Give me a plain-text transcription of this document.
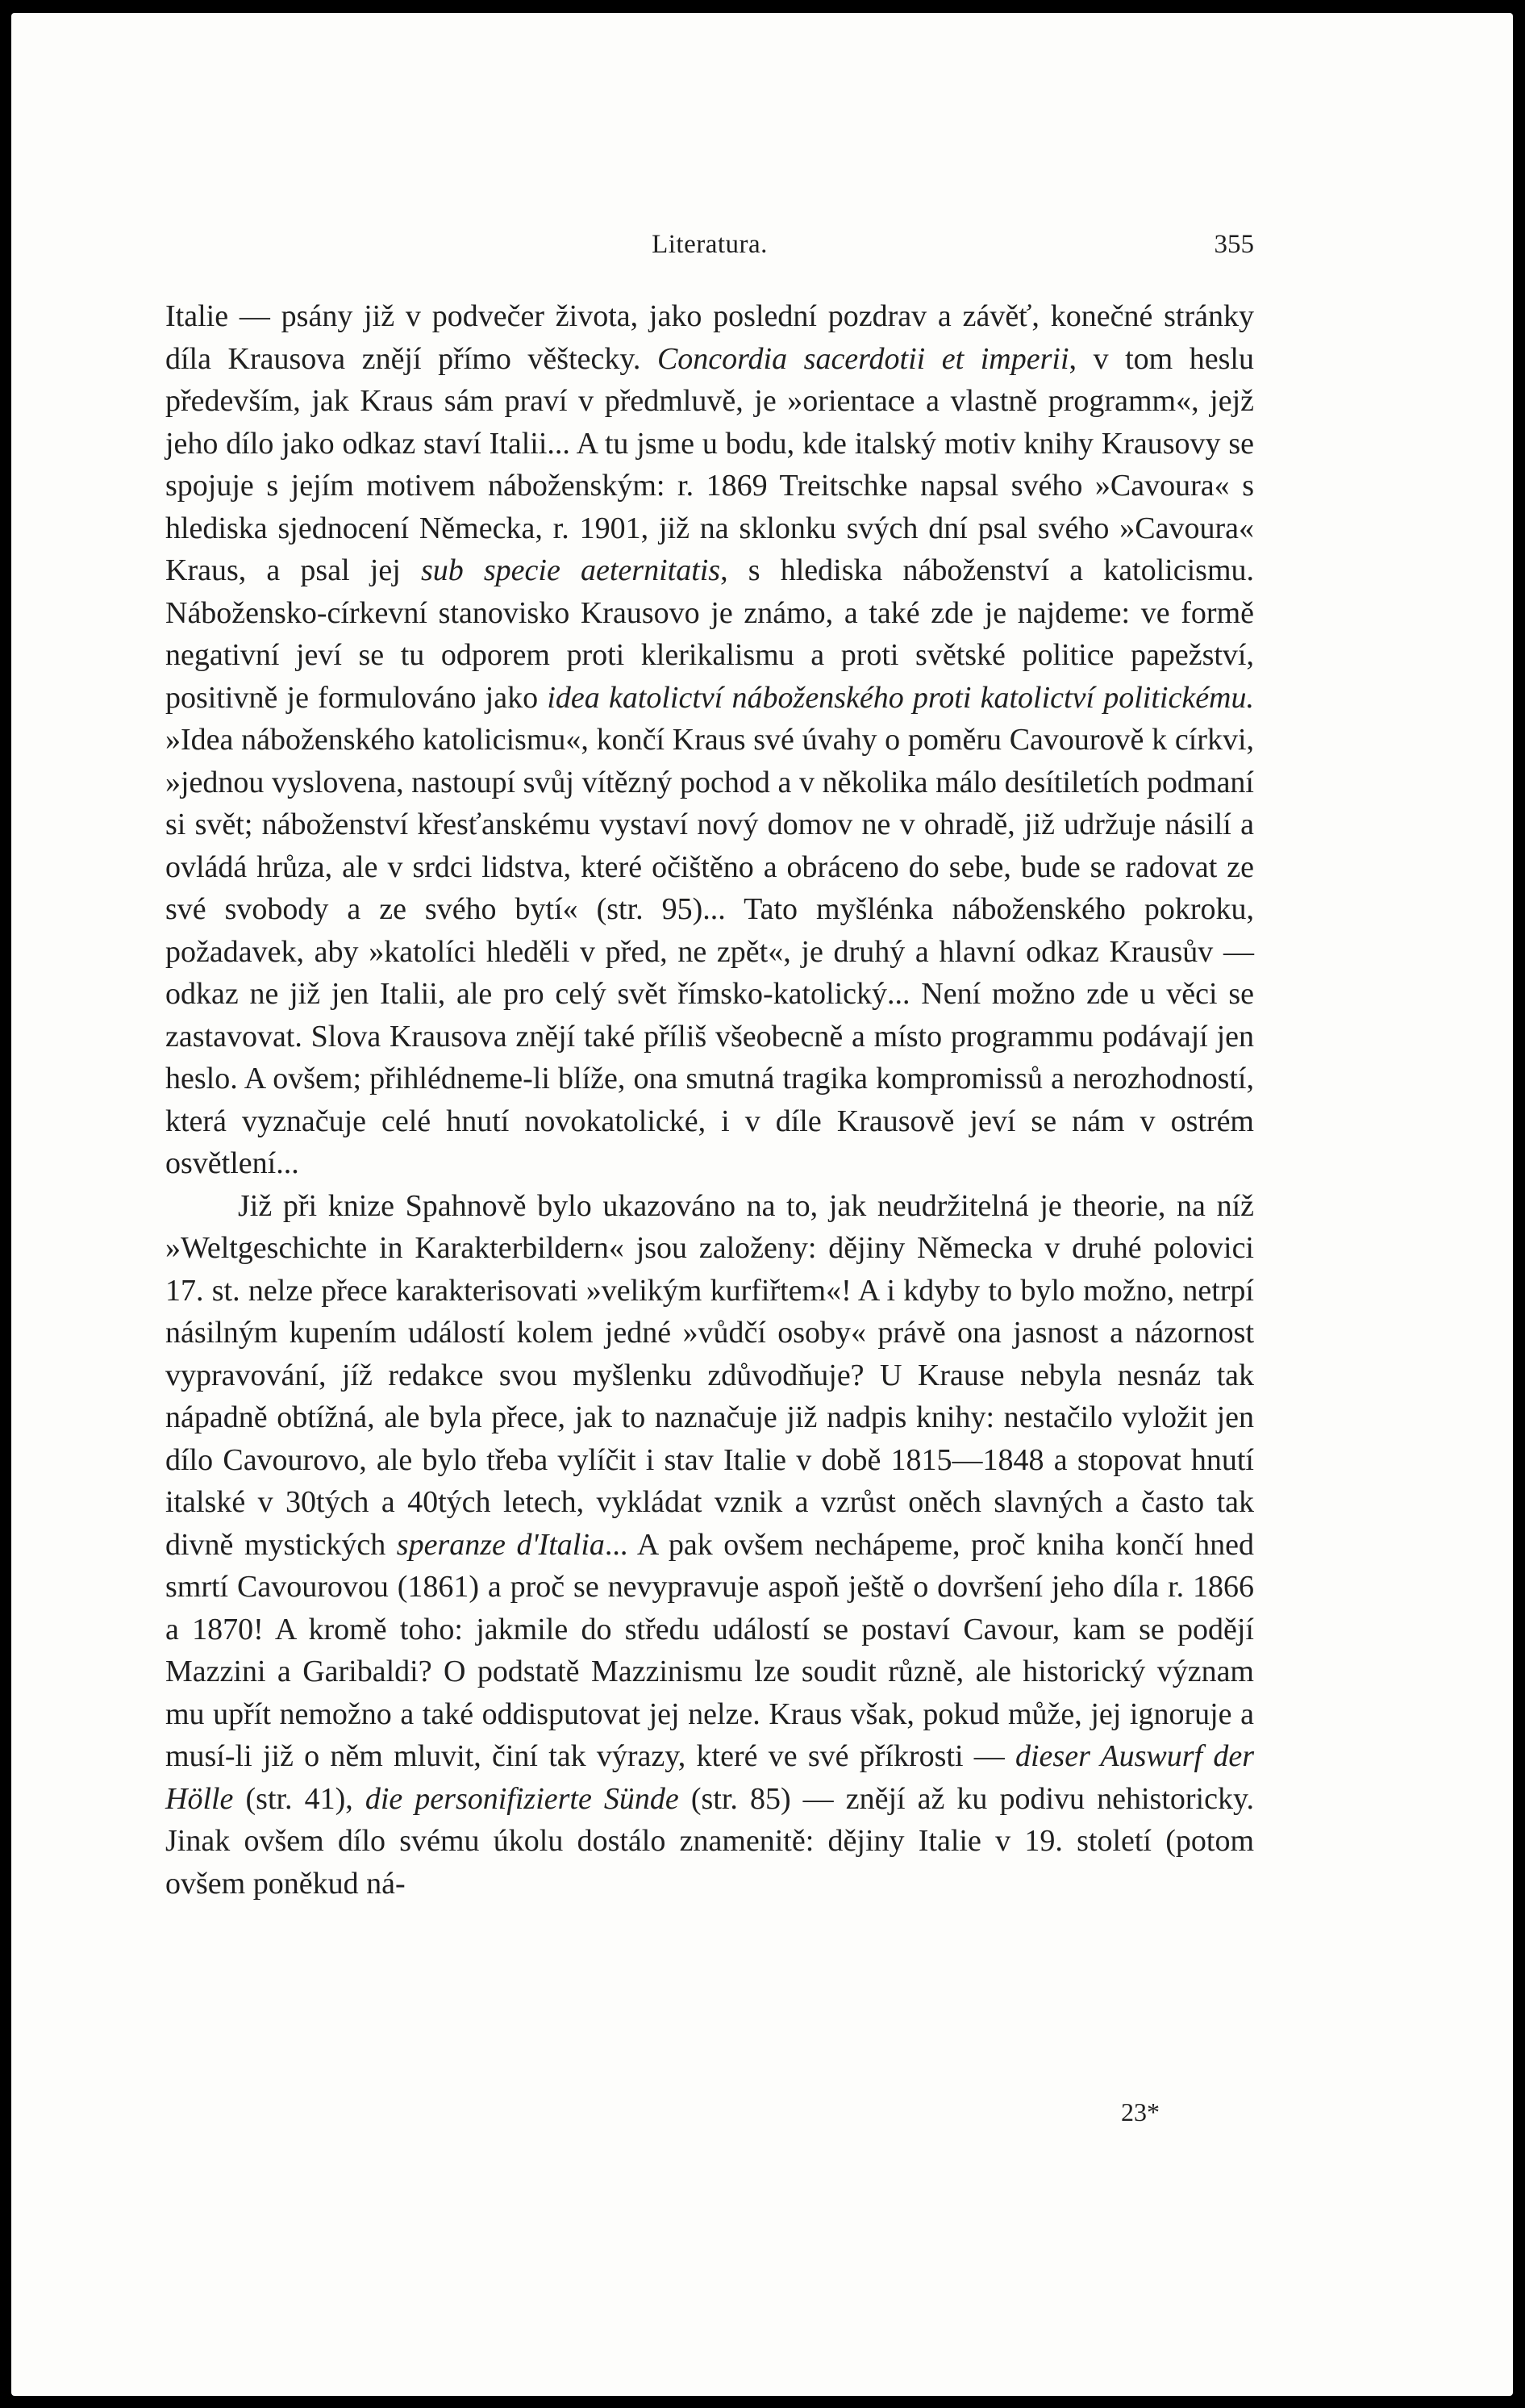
Literatura.	355

Italie — psány již v podvečer života, jako poslední pozdrav a závěť, konečné stránky díla Krausova znějí přímo věštecky. Concordia sacerdotii et imperii, v tom heslu především, jak Kraus sám praví v předmluvě, je »orientace a vlastně programm«, jejž jeho dílo jako odkaz staví Italii... A tu jsme u bodu, kde italský motiv knihy Krausovy se spojuje s jejím motivem náboženským: r. 1869 Treitschke napsal svého »Cavoura« s hlediska sjednocení Německa, r. 1901, již na sklonku svých dní psal svého »Cavoura« Kraus, a psal jej sub specie aeternitatis, s hlediska náboženství a katolicismu. Nábožensko-církevní stanovisko Krausovo je známo, a také zde je najdeme: ve formě negativní jeví se tu odporem proti klerikalismu a proti světské politice papežství, positivně je formulováno jako idea katolictví náboženského proti katolictví politickému. »Idea náboženského katolicismu«, končí Kraus své úvahy o poměru Cavourově k církvi, »jednou vyslovena, nastoupí svůj vítězný pochod a v několika málo desítiletích podmaní si svět; náboženství křesťanskému vystaví nový domov ne v ohradě, již udržuje násilí a ovládá hrůza, ale v srdci lidstva, které očištěno a obráceno do sebe, bude se radovat ze své svobody a ze svého bytí« (str. 95)... Tato myšlénka náboženského pokroku, požadavek, aby »katolíci hleděli v před, ne zpět«, je druhý a hlavní odkaz Krausův — odkaz ne již jen Italii, ale pro celý svět římsko-katolický... Není možno zde u věci se zastavovat. Slova Krausova znějí také příliš všeobecně a místo programmu podávají jen heslo. A ovšem; přihlédneme-li blíže, ona smutná tragika kompromissů a nerozhodností, která vyznačuje celé hnutí novokatolické, i v díle Krausově jeví se nám v ostrém osvětlení...

Již při knize Spahnově bylo ukazováno na to, jak neudržitelná je theorie, na níž »Weltgeschichte in Karakterbildern« jsou založeny: dějiny Německa v druhé polovici 17. st. nelze přece karakterisovati »velikým kurfiřtem«! A i kdyby to bylo možno, netrpí násilným kupením událostí kolem jedné »vůdčí osoby« právě ona jasnost a názornost vypravování, jíž redakce svou myšlenku zdůvodňuje? U Krause nebyla nesnáz tak nápadně obtížná, ale byla přece, jak to naznačuje již nadpis knihy: nestačilo vyložit jen dílo Cavourovo, ale bylo třeba vylíčit i stav Italie v době 1815—1848 a stopovat hnutí italské v 30tých a 40tých letech, vykládat vznik a vzrůst oněch slavných a často tak divně mystických speranze d'Italia... A pak ovšem nechápeme, proč kniha končí hned smrtí Cavourovou (1861) a proč se nevypravuje aspoň ještě o dovršení jeho díla r. 1866 a 1870! A kromě toho: jakmile do středu událostí se postaví Cavour, kam se podějí Mazzini a Garibaldi? O podstatě Mazzinismu lze soudit různě, ale historický význam mu upřít nemožno a také oddisputovat jej nelze. Kraus však, pokud může, jej ignoruje a musí-li již o něm mluvit, činí tak výrazy, které ve své příkrosti — dieser Auswurf der Hölle (str. 41), die personifizierte Sünde (str. 85) — znějí až ku podivu nehistoricky. Jinak ovšem dílo svému úkolu dostálo znamenitě: dějiny Italie v 19. století (potom ovšem poněkud ná-

23*
